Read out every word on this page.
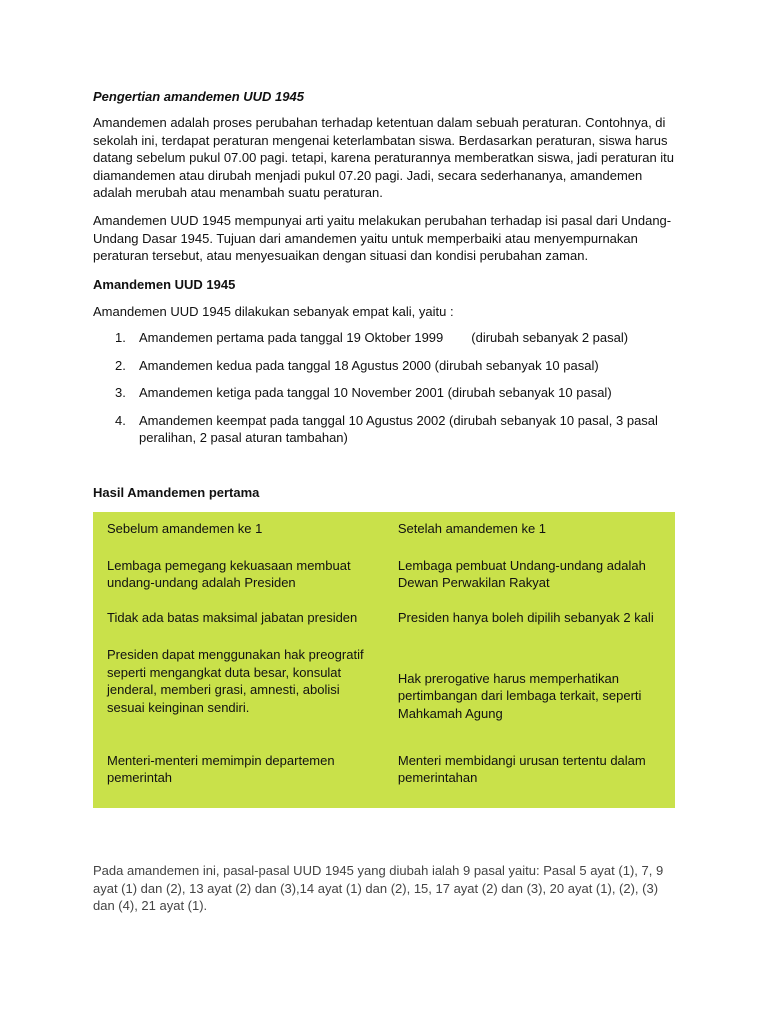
Pengertian amandemen UUD 1945

Amandemen adalah proses perubahan terhadap ketentuan dalam sebuah peraturan. Contohnya, di sekolah ini, terdapat peraturan mengenai keterlambatan siswa. Berdasarkan peraturan, siswa harus datang sebelum pukul 07.00 pagi. tetapi, karena peraturannya memberatkan siswa, jadi peraturan itu diamandemen atau dirubah menjadi pukul 07.20 pagi. Jadi, secara sederhananya, amandemen adalah merubah atau menambah suatu peraturan.

Amandemen UUD 1945 mempunyai arti yaitu melakukan perubahan terhadap isi pasal dari Undang-Undang Dasar 1945. Tujuan dari amandemen yaitu untuk memperbaiki atau menyempurnakan peraturan tersebut, atau menyesuaikan dengan situasi dan kondisi perubahan zaman.

Amandemen UUD 1945

Amandemen UUD 1945 dilakukan sebanyak empat kali, yaitu :

1. Amandemen pertama pada tanggal 19 Oktober 1999 (dirubah sebanyak 2 pasal)
2. Amandemen kedua pada tanggal 18 Agustus 2000 (dirubah sebanyak 10 pasal)
3. Amandemen ketiga pada tanggal 10 November 2001 (dirubah sebanyak 10 pasal)
4. Amandemen keempat pada tanggal 10 Agustus 2002 (dirubah sebanyak 10 pasal, 3 pasal peralihan, 2 pasal aturan tambahan)
Hasil Amandemen pertama
Sebelum amandemen ke 1	Setelah amandemen ke 1
Lembaga pemegang kekuasaan membuat undang-undang adalah Presiden	Lembaga pembuat Undang-undang adalah Dewan Perwakilan Rakyat
Tidak ada batas maksimal jabatan presiden	Presiden hanya boleh dipilih sebanyak 2 kali
Presiden dapat menggunakan hak preogratif seperti mengangkat duta besar, konsulat jenderal, memberi grasi, amnesti, abolisi sesuai keinginan sendiri.	Hak prerogative harus memperhatikan pertimbangan dari lembaga terkait, seperti Mahkamah Agung
Menteri-menteri memimpin departemen pemerintah	Menteri membidangi urusan tertentu dalam pemerintahan

Pada amandemen ini, pasal-pasal UUD 1945 yang diubah ialah 9 pasal yaitu: Pasal 5 ayat (1), 7, 9 ayat (1) dan (2), 13 ayat (2) dan (3),14 ayat (1) dan (2), 15, 17 ayat (2) dan (3), 20 ayat (1), (2), (3) dan (4), 21 ayat (1).
